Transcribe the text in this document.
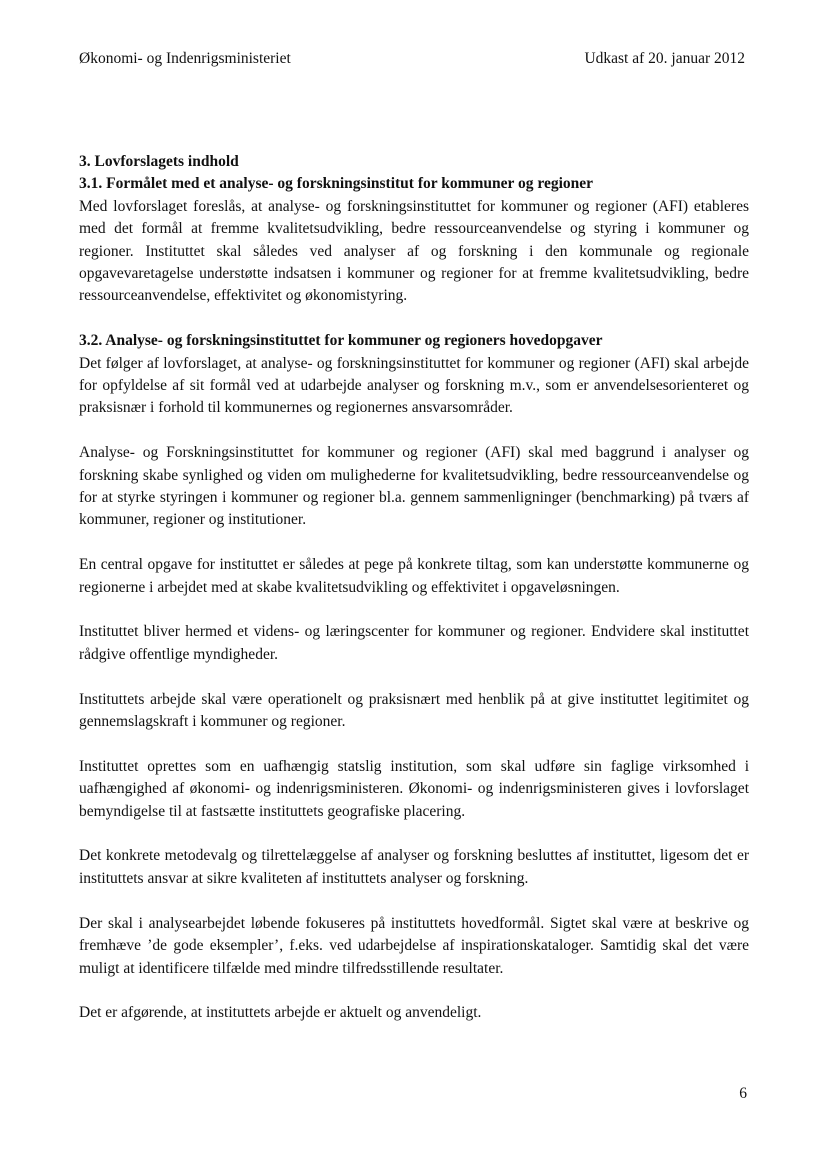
Økonomi- og Indenrigsministeriet	Udkast af 20. januar 2012
3. Lovforslagets indhold
3.1. Formålet med et analyse- og forskningsinstitut for kommuner og regioner

Med lovforslaget foreslås, at analyse- og forskningsinstituttet for kommuner og regioner (AFI) etableres med det formål at fremme kvalitetsudvikling, bedre ressourceanvendelse og styring i kommuner og regioner. Instituttet skal således ved analyser af og forskning i den kommunale og regionale opgavevaretagelse understøtte indsatsen i kommuner og regioner for at fremme kvalitetsudvikling, bedre ressourceanvendelse, effektivitet og økonomistyring.

3.2. Analyse- og forskningsinstituttet for kommuner og regioners hovedopgaver

Det følger af lovforslaget, at analyse- og forskningsinstituttet for kommuner og regioner (AFI) skal arbejde for opfyldelse af sit formål ved at udarbejde analyser og forskning m.v., som er anvendelsesorienteret og praksisnær i forhold til kommunernes og regionernes ansvarsområder.

Analyse- og Forskningsinstituttet for kommuner og regioner (AFI) skal med baggrund i analyser og forskning skabe synlighed og viden om mulighederne for kvalitetsudvikling, bedre ressourceanvendelse og for at styrke styringen i kommuner og regioner bl.a. gennem sammenligninger (benchmarking) på tværs af kommuner, regioner og institutioner.

En central opgave for instituttet er således at pege på konkrete tiltag, som kan understøtte kommunerne og regionerne i arbejdet med at skabe kvalitetsudvikling og effektivitet i opgaveløsningen.

Instituttet bliver hermed et videns- og læringscenter for kommuner og regioner. Endvidere skal instituttet rådgive offentlige myndigheder.

Instituttets arbejde skal være operationelt og praksisnært med henblik på at give instituttet legitimitet og gennemslagskraft i kommuner og regioner.

Instituttet oprettes som en uafhængig statslig institution, som skal udføre sin faglige virksomhed i uafhængighed af økonomi- og indenrigsministeren. Økonomi- og indenrigsministeren gives i lovforslaget bemyndigelse til at fastsætte instituttets geografiske placering.

Det konkrete metodevalg og tilrettelæggelse af analyser og forskning besluttes af instituttet, ligesom det er instituttets ansvar at sikre kvaliteten af instituttets analyser og forskning.

Der skal i analysearbejdet løbende fokuseres på instituttets hovedformål. Sigtet skal være at beskrive og fremhæve ’de gode eksempler’, f.eks. ved udarbejdelse af inspirationskataloger. Samtidig skal det være muligt at identificere tilfælde med mindre tilfredsstillende resultater.

Det er afgørende, at instituttets arbejde er aktuelt og anvendeligt.

6
